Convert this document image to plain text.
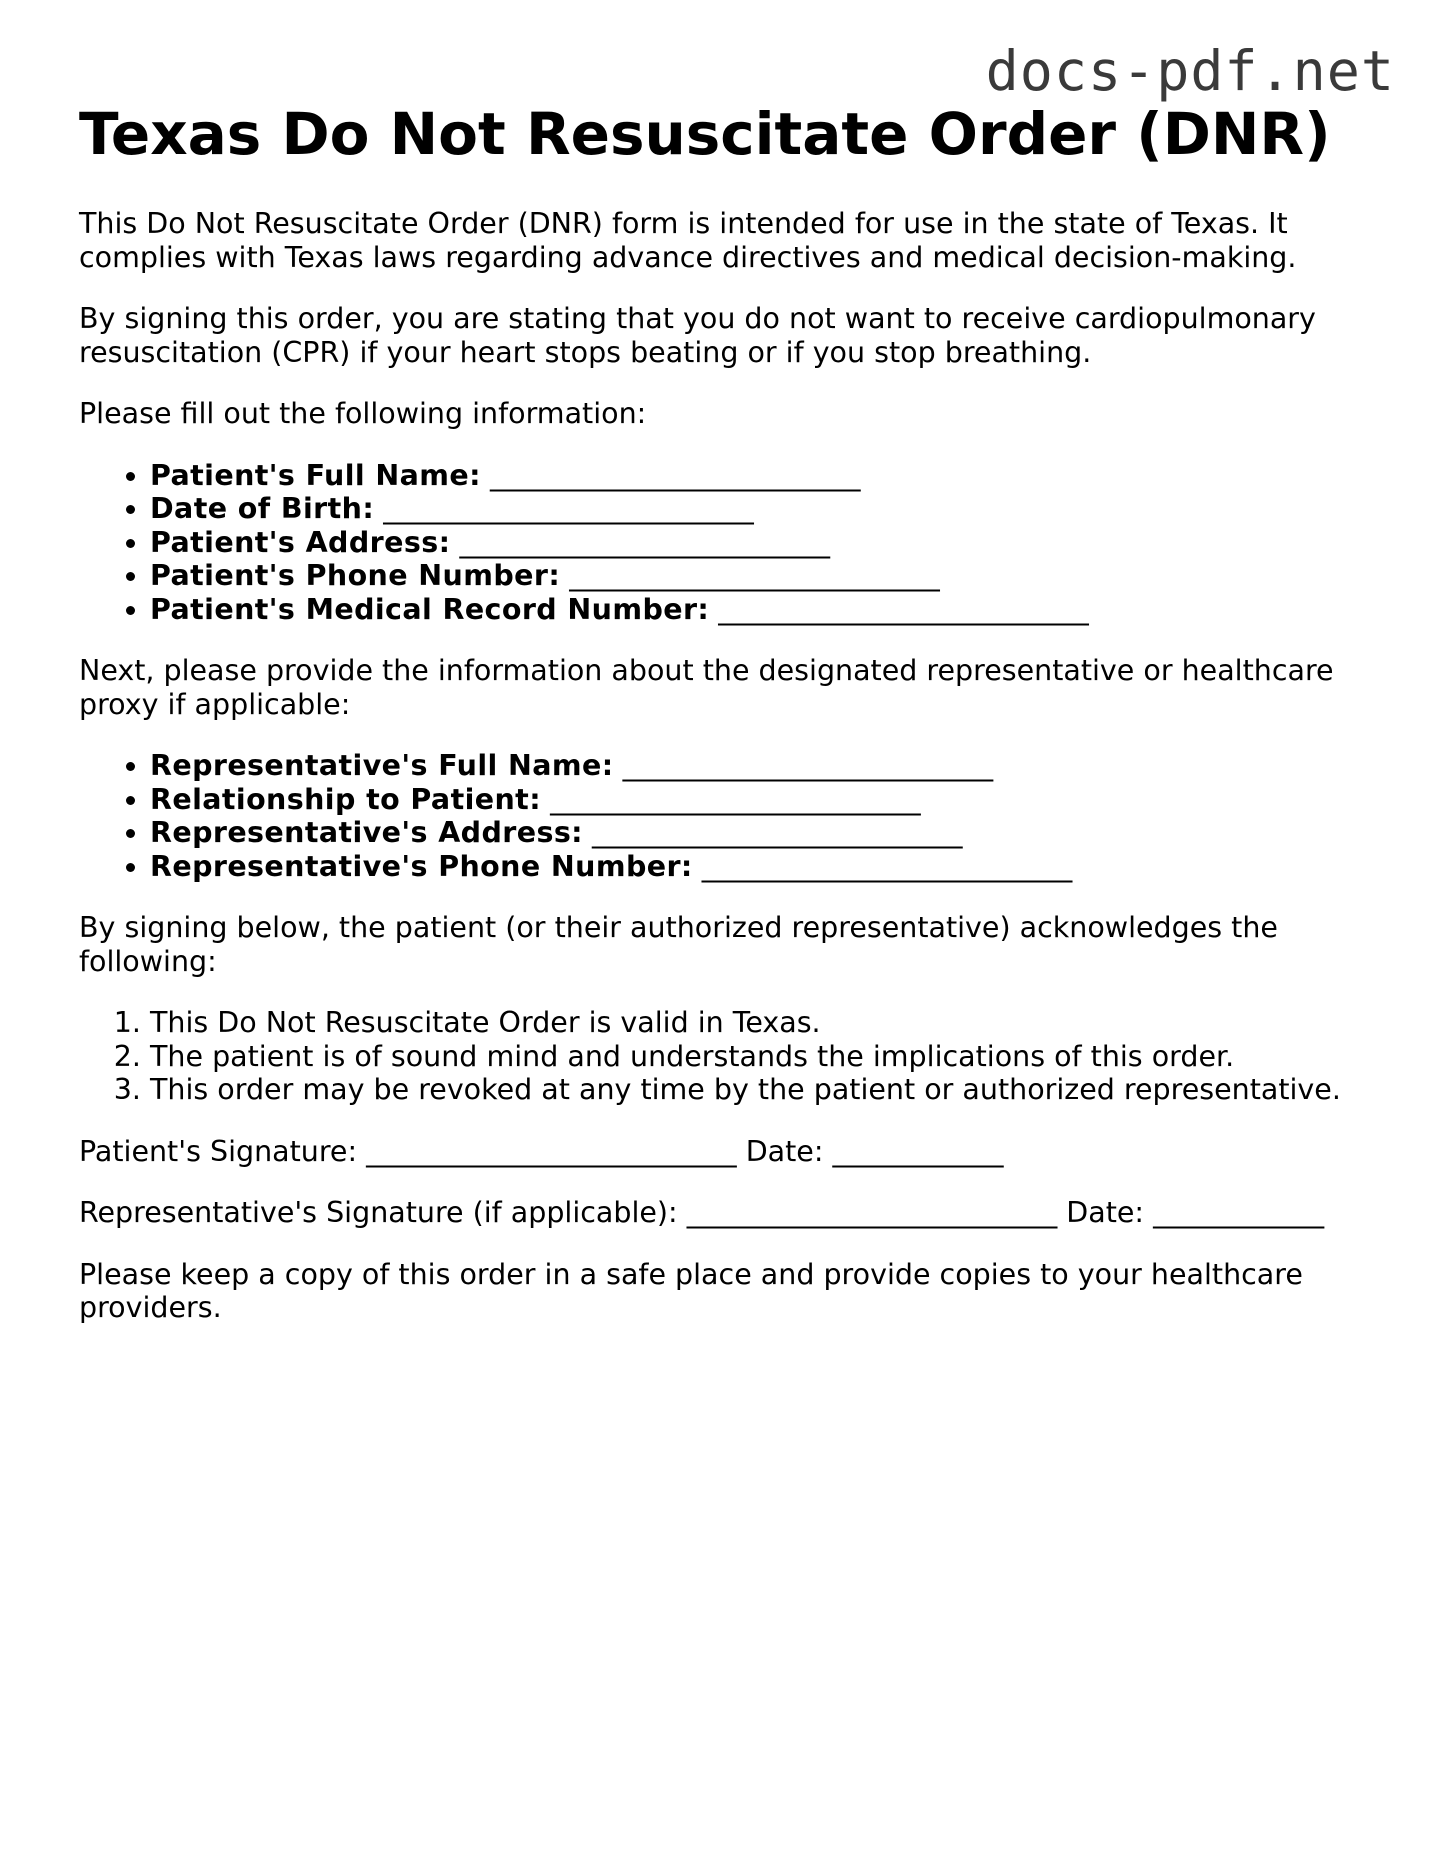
docs-pdf.net
Texas Do Not Resuscitate Order (DNR)

This Do Not Resuscitate Order (DNR) form is intended for use in the state of Texas. It
complies with Texas laws regarding advance directives and medical decision-making.

By signing this order, you are stating that you do not want to receive cardiopulmonary
resuscitation (CPR) if your heart stops beating or if you stop breathing.

Please fill out the following information:

• Patient's Full Name: __________________________
• Date of Birth: __________________________
• Patient's Address: __________________________
• Patient's Phone Number: __________________________
• Patient's Medical Record Number: __________________________

Next, please provide the information about the designated representative or healthcare
proxy if applicable:

• Representative's Full Name: __________________________
• Relationship to Patient: __________________________
• Representative's Address: __________________________
• Representative's Phone Number: __________________________

By signing below, the patient (or their authorized representative) acknowledges the
following:

1. This Do Not Resuscitate Order is valid in Texas.
2. The patient is of sound mind and understands the implications of this order.
3. This order may be revoked at any time by the patient or authorized representative.

Patient's Signature: __________________________ Date: ____________

Representative's Signature (if applicable): __________________________ Date: ____________

Please keep a copy of this order in a safe place and provide copies to your healthcare
providers.
